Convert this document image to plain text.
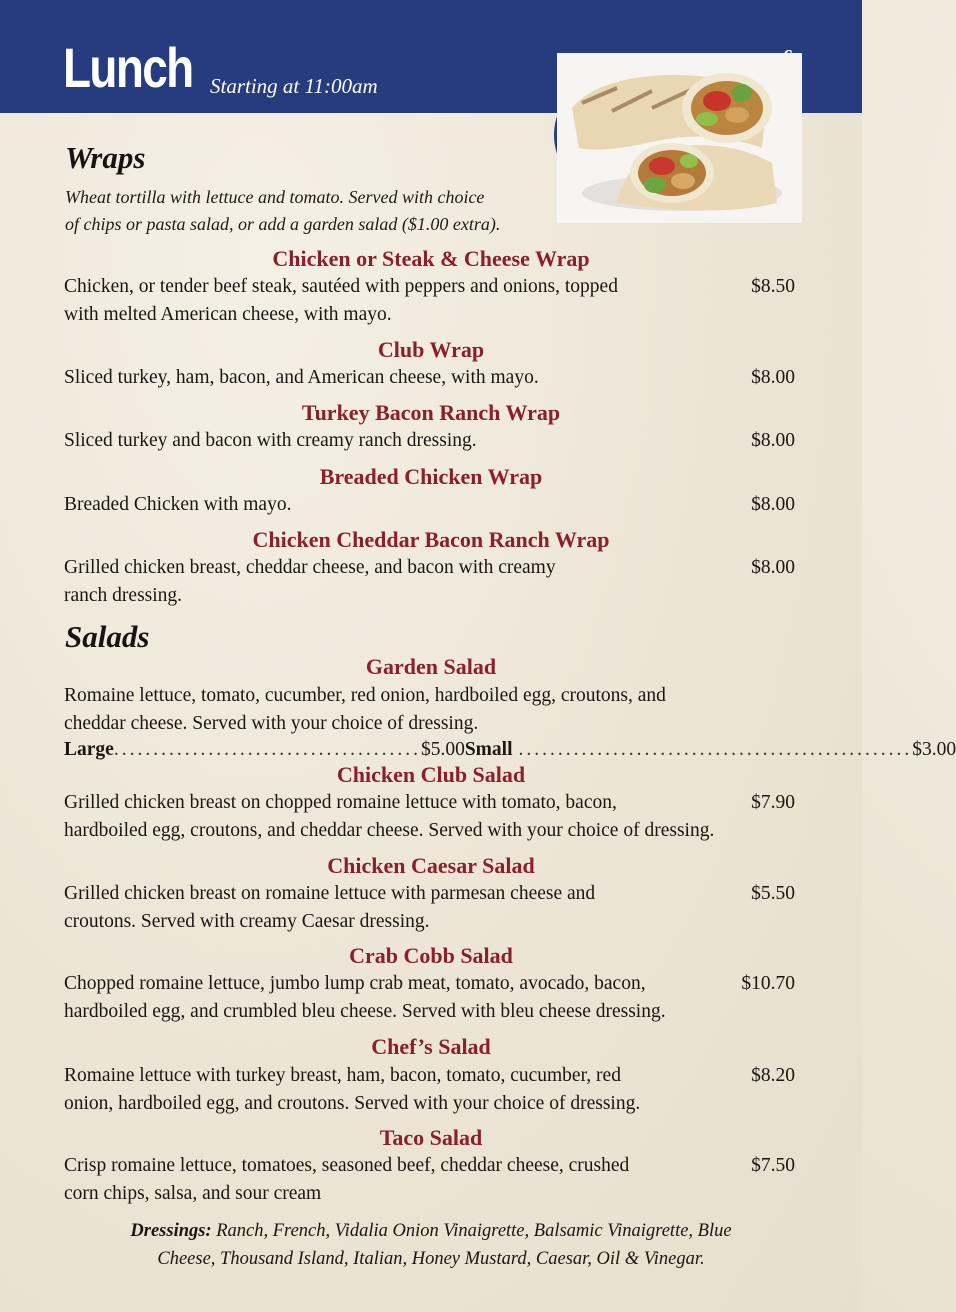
Lunch Starting at 11:00am
Wraps
Wheat tortilla with lettuce and tomato. Served with choice
of chips or pasta salad, or add a garden salad ($1.00 extra).
Chicken or Steak & Cheese Wrap
Chicken, or tender beef steak, sautéed with peppers and onions, topped
with melted American cheese, with mayo.
$8.50
Club Wrap
Sliced turkey, ham, bacon, and American cheese, with mayo.	$8.00
Turkey Bacon Ranch Wrap
Sliced turkey and bacon with creamy ranch dressing.	$8.00
Breaded Chicken Wrap
Breaded Chicken with mayo.	$8.00
Chicken Cheddar Bacon Ranch Wrap
Grilled chicken breast, cheddar cheese, and bacon with creamy
ranch dressing.
$8.00
Salads
Garden Salad
Romaine lettuce, tomato, cucumber, red onion, hardboiled egg, croutons, and
cheddar cheese. Served with your choice of dressing.
Large ....................................... $5.00 Small .................................................. $3.00
Chicken Club Salad
Grilled chicken breast on chopped romaine lettuce with tomato, bacon,
hardboiled egg, croutons, and cheddar cheese. Served with your choice of dressing.
$7.90
Chicken Caesar Salad
Grilled chicken breast on romaine lettuce with parmesan cheese and
croutons. Served with creamy Caesar dressing.
$5.50
Crab Cobb Salad
Chopped romaine lettuce, jumbo lump crab meat, tomato, avocado, bacon,
hardboiled egg, and crumbled bleu cheese. Served with bleu cheese dressing.
$10.70
Chef’s Salad
Romaine lettuce with turkey breast, ham, bacon, tomato, cucumber, red
onion, hardboiled egg, and croutons. Served with your choice of dressing.
$8.20
Taco Salad
Crisp romaine lettuce, tomatoes, seasoned beef, cheddar cheese, crushed
corn chips, salsa, and sour cream
$7.50
Dressings: Ranch, French, Vidalia Onion Vinaigrette, Balsamic Vinaigrette, Blue
Cheese, Thousand Island, Italian, Honey Mustard, Caesar, Oil & Vinegar.
